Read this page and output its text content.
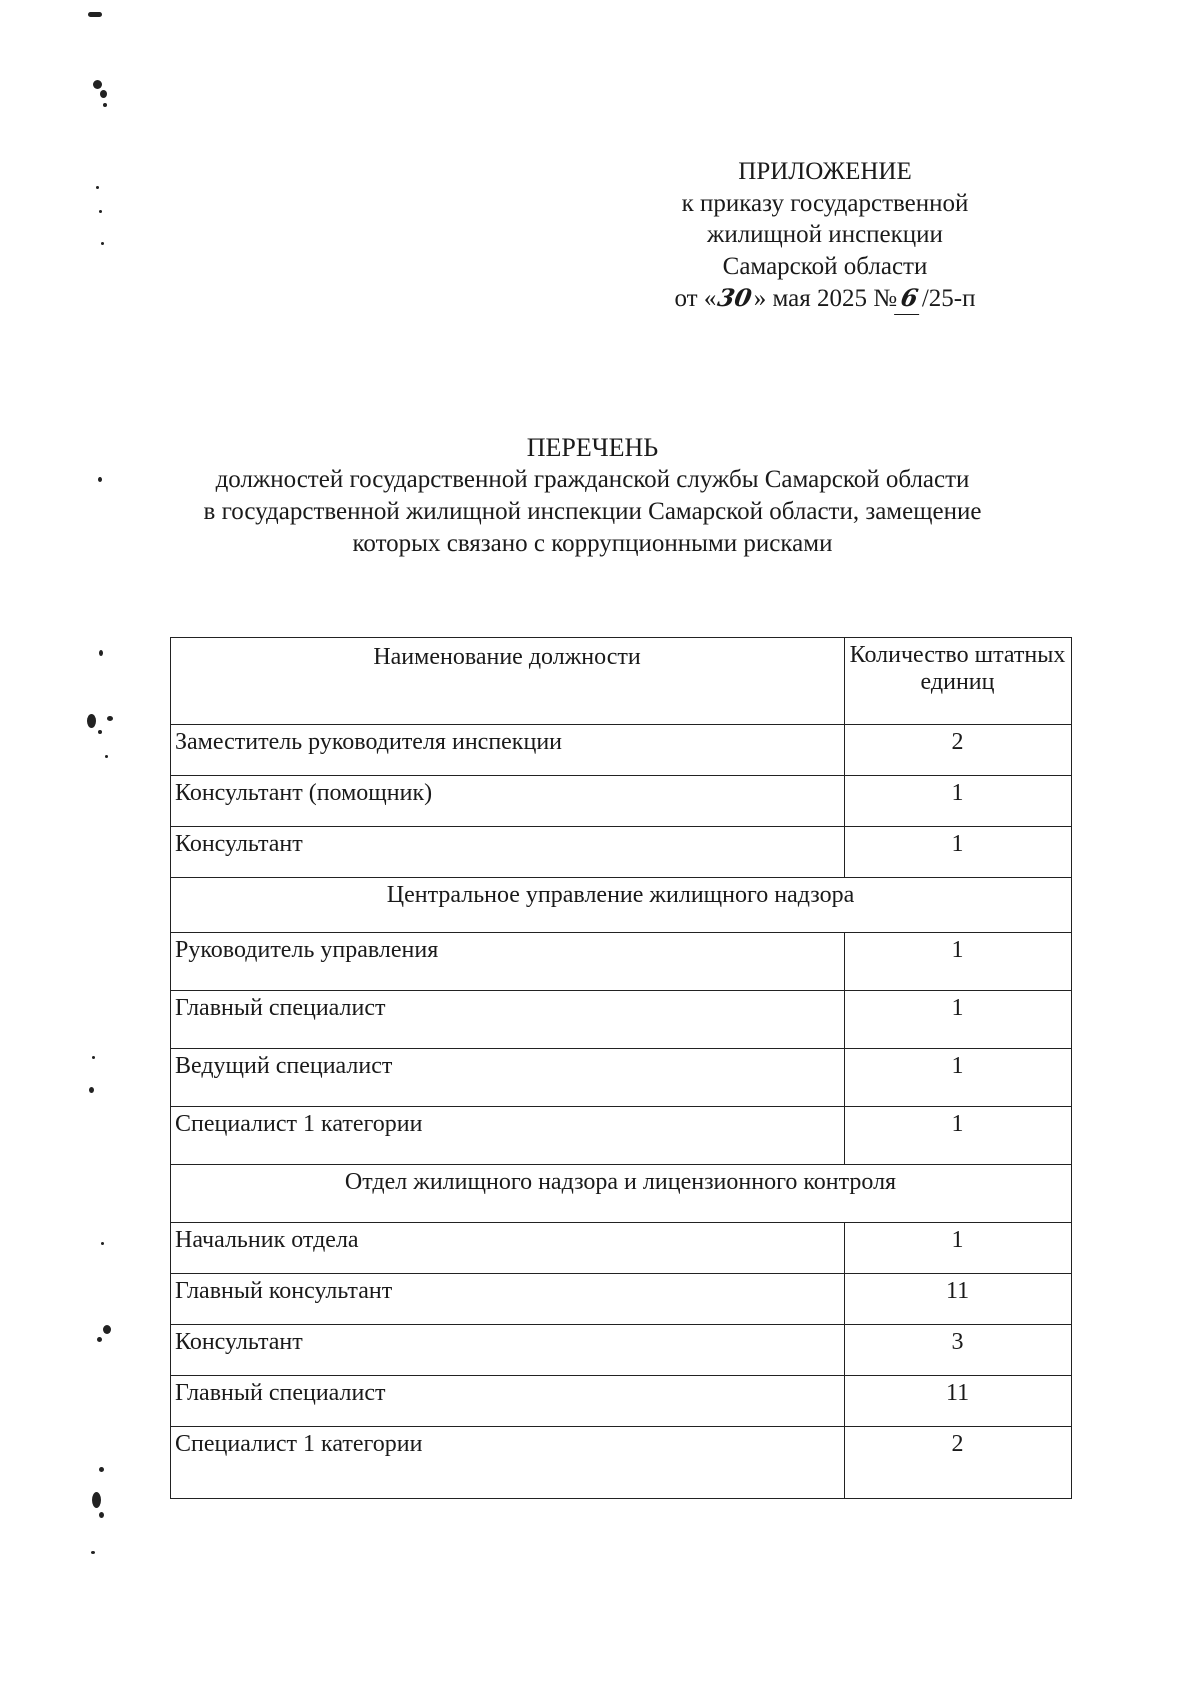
ПРИЛОЖЕНИЕ
к приказу государственной
жилищной инспекции
Самарской области
от «30» мая 2025 №6/25-п
ПЕРЕЧЕНЬ
должностей государственной гражданской службы Самарской области
в государственной жилищной инспекции Самарской области, замещение
которых связано с коррупционными рисками
Наименование должности	Количество штатных единиц
Заместитель руководителя инспекции	2
Консультант (помощник)	1
Консультант	1
Центральное управление жилищного надзора	
Руководитель управления	1
Главный специалист	1
Ведущий специалист	1
Специалист 1 категории	1
Отдел жилищного надзора и лицензионного контроля	
Начальник отдела	1
Главный консультант	11
Консультант	3
Главный специалист	11
Специалист 1 категории	2
